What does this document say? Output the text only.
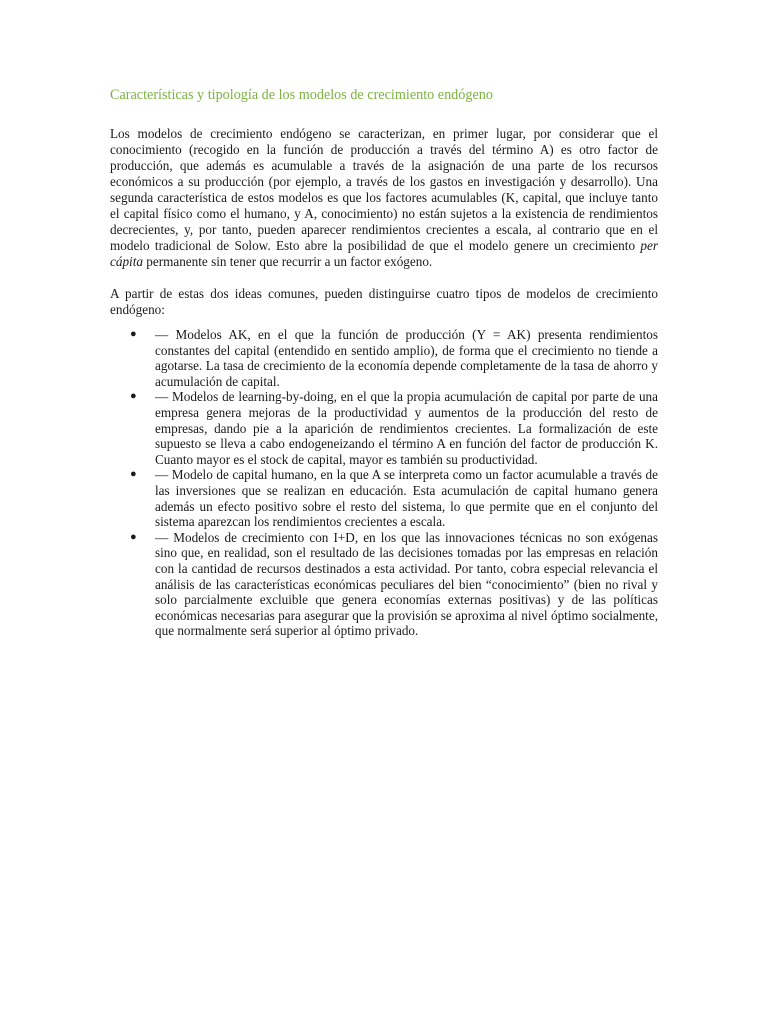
Características y tipología de los modelos de crecimiento endógeno

Los modelos de crecimiento endógeno se caracterizan, en primer lugar, por considerar que el conocimiento (recogido en la función de producción a través del término A) es otro factor de producción, que además es acumulable a través de la asignación de una parte de los recursos económicos a su producción (por ejemplo, a través de los gastos en investigación y desarrollo). Una segunda característica de estos modelos es que los factores acumulables (K, capital, que incluye tanto el capital físico como el humano, y A, conocimiento) no están sujetos a la existencia de rendimientos decrecientes, y, por tanto, pueden aparecer rendimientos crecientes a escala, al contrario que en el modelo tradicional de Solow. Esto abre la posibilidad de que el modelo genere un crecimiento per cápita permanente sin tener que recurrir a un factor exógeno.

A partir de estas dos ideas comunes, pueden distinguirse cuatro tipos de modelos de crecimiento endógeno:

● — Modelos AK, en el que la función de producción (Y = AK) presenta rendimientos constantes del capital (entendido en sentido amplio), de forma que el crecimiento no tiende a agotarse. La tasa de crecimiento de la economía depende completamente de la tasa de ahorro y acumulación de capital.
● — Modelos de learning-by-doing, en el que la propia acumulación de capital por parte de una empresa genera mejoras de la productividad y aumentos de la producción del resto de empresas, dando pie a la aparición de rendimientos crecientes. La formalización de este supuesto se lleva a cabo endogeneizando el término A en función del factor de producción K. Cuanto mayor es el stock de capital, mayor es también su productividad.
● — Modelo de capital humano, en la que A se interpreta como un factor acumulable a través de las inversiones que se realizan en educación. Esta acumulación de capital humano genera además un efecto positivo sobre el resto del sistema, lo que permite que en el conjunto del sistema aparezcan los rendimientos crecientes a escala.
● — Modelos de crecimiento con I+D, en los que las innovaciones técnicas no son exógenas sino que, en realidad, son el resultado de las decisiones tomadas por las empresas en relación con la cantidad de recursos destinados a esta actividad. Por tanto, cobra especial relevancia el análisis de las características económicas peculiares del bien “conocimiento” (bien no rival y solo parcialmente excluible que genera economías externas positivas) y de las políticas económicas necesarias para asegurar que la provisión se aproxima al nivel óptimo socialmente, que normalmente será superior al óptimo privado.
